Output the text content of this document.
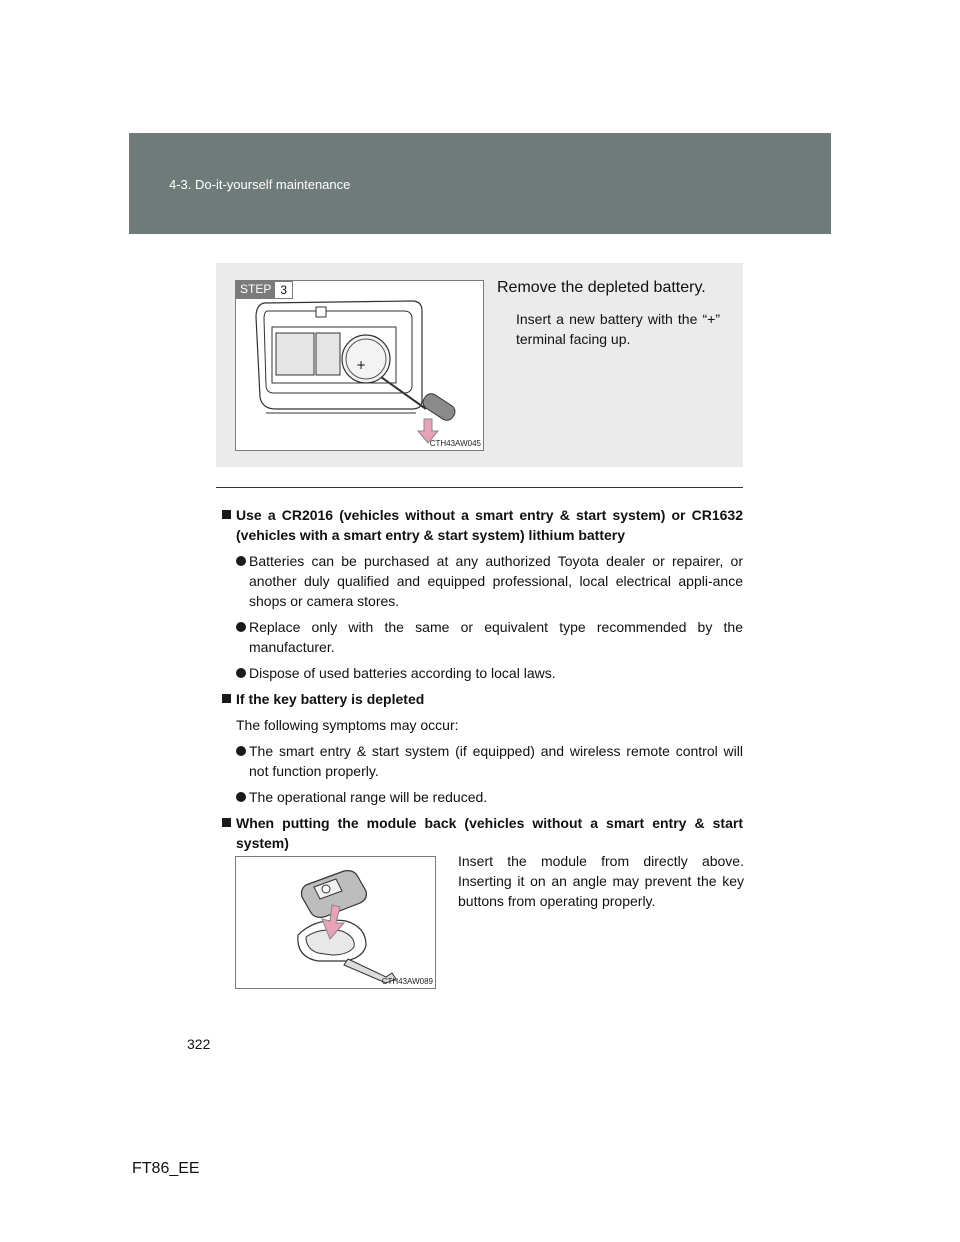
4-3. Do-it-yourself maintenance
STEP 3
+
CTH43AW045
Remove the depleted battery.
Insert a new battery with the “+” terminal facing up.
Use a CR2016 (vehicles without a smart entry & start system) or CR1632 (vehicles with a smart entry & start system) lithium battery
Batteries can be purchased at any authorized Toyota dealer or repairer, or another duly qualified and equipped professional, local electrical appli-ance shops or camera stores.
Replace only with the same or equivalent type recommended by the manufacturer.
Dispose of used batteries according to local laws.
If the key battery is depleted
The following symptoms may occur:
The smart entry & start system (if equipped) and wireless remote control will not function properly.
The operational range will be reduced.
When putting the module back (vehicles without a smart entry & start system)
CTH43AW089
Insert the module from directly above. Inserting it on an angle may prevent the key buttons from operating properly.
322
FT86_EE
